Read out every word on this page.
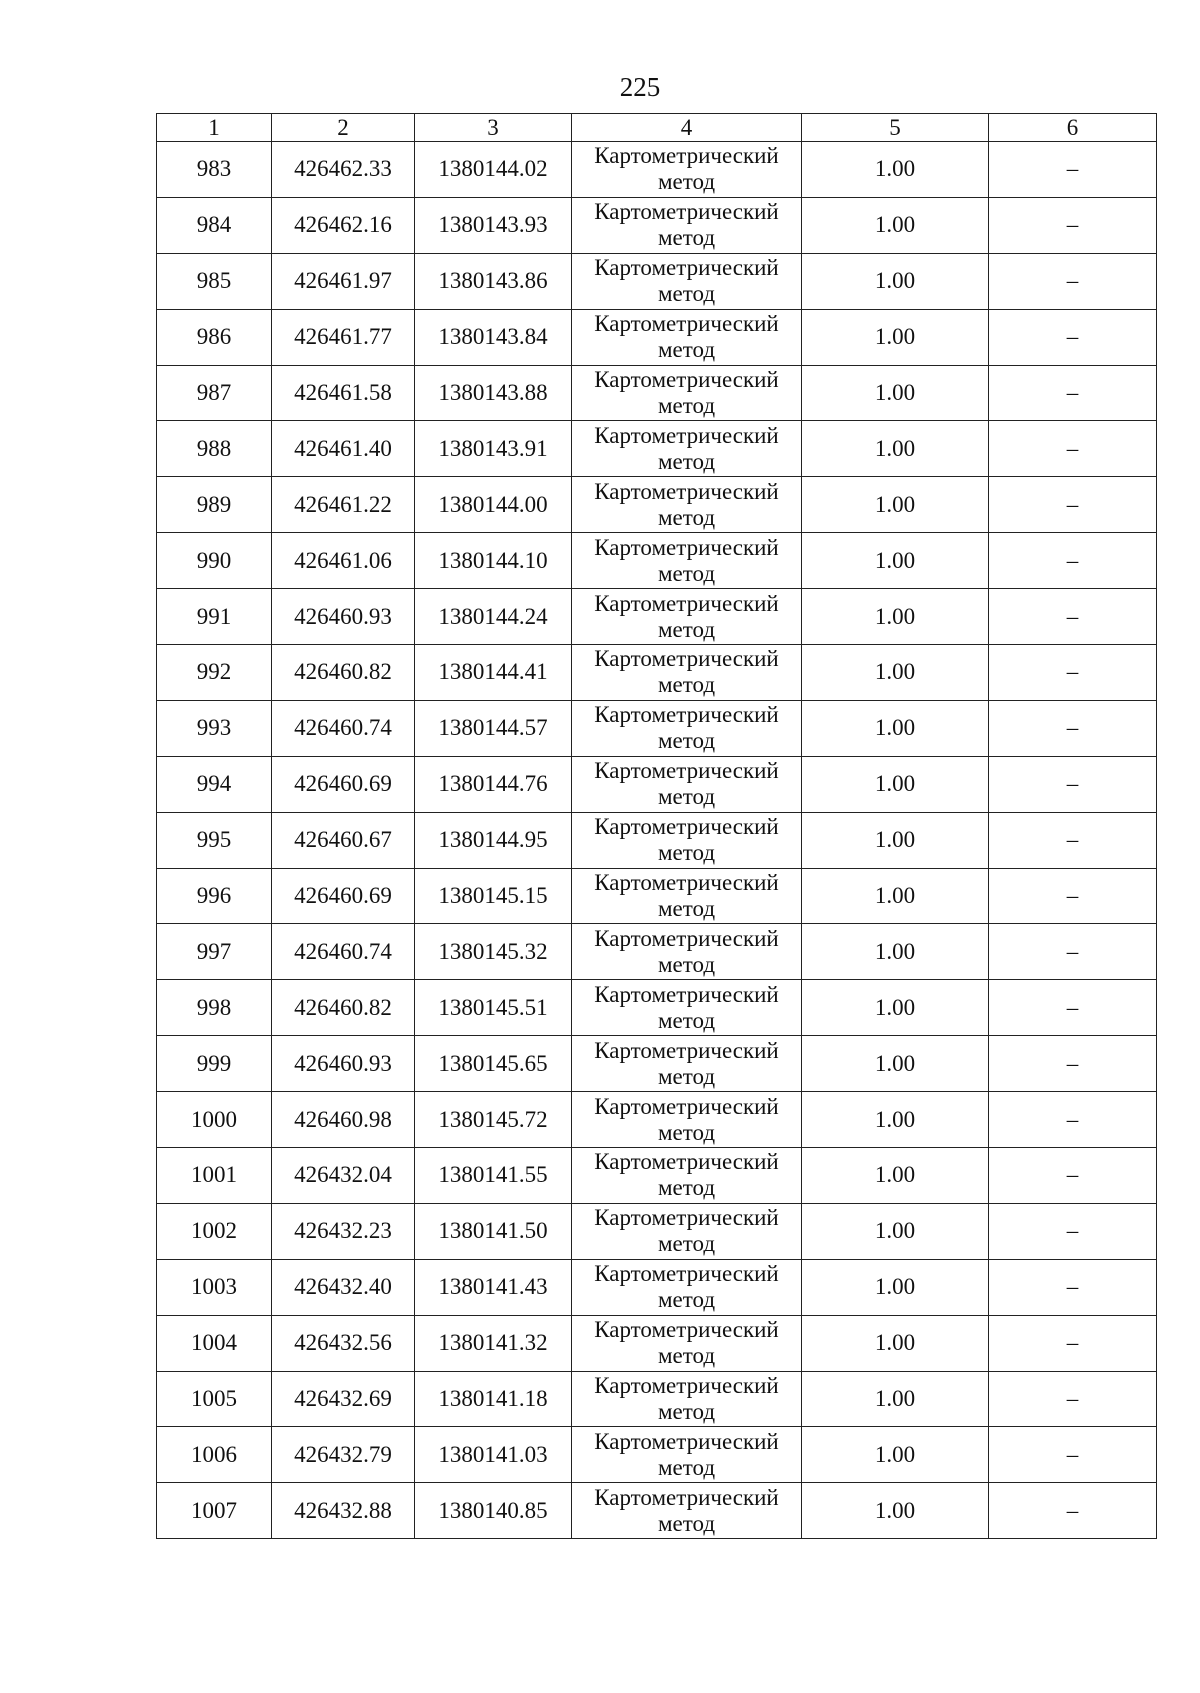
225
1	2	3	4	5	6
983	426462.33	1380144.02	Картометрический метод	1.00	–
984	426462.16	1380143.93	Картометрический метод	1.00	–
985	426461.97	1380143.86	Картометрический метод	1.00	–
986	426461.77	1380143.84	Картометрический метод	1.00	–
987	426461.58	1380143.88	Картометрический метод	1.00	–
988	426461.40	1380143.91	Картометрический метод	1.00	–
989	426461.22	1380144.00	Картометрический метод	1.00	–
990	426461.06	1380144.10	Картометрический метод	1.00	–
991	426460.93	1380144.24	Картометрический метод	1.00	–
992	426460.82	1380144.41	Картометрический метод	1.00	–
993	426460.74	1380144.57	Картометрический метод	1.00	–
994	426460.69	1380144.76	Картометрический метод	1.00	–
995	426460.67	1380144.95	Картометрический метод	1.00	–
996	426460.69	1380145.15	Картометрический метод	1.00	–
997	426460.74	1380145.32	Картометрический метод	1.00	–
998	426460.82	1380145.51	Картометрический метод	1.00	–
999	426460.93	1380145.65	Картометрический метод	1.00	–
1000	426460.98	1380145.72	Картометрический метод	1.00	–
1001	426432.04	1380141.55	Картометрический метод	1.00	–
1002	426432.23	1380141.50	Картометрический метод	1.00	–
1003	426432.40	1380141.43	Картометрический метод	1.00	–
1004	426432.56	1380141.32	Картометрический метод	1.00	–
1005	426432.69	1380141.18	Картометрический метод	1.00	–
1006	426432.79	1380141.03	Картометрический метод	1.00	–
1007	426432.88	1380140.85	Картометрический метод	1.00	–
